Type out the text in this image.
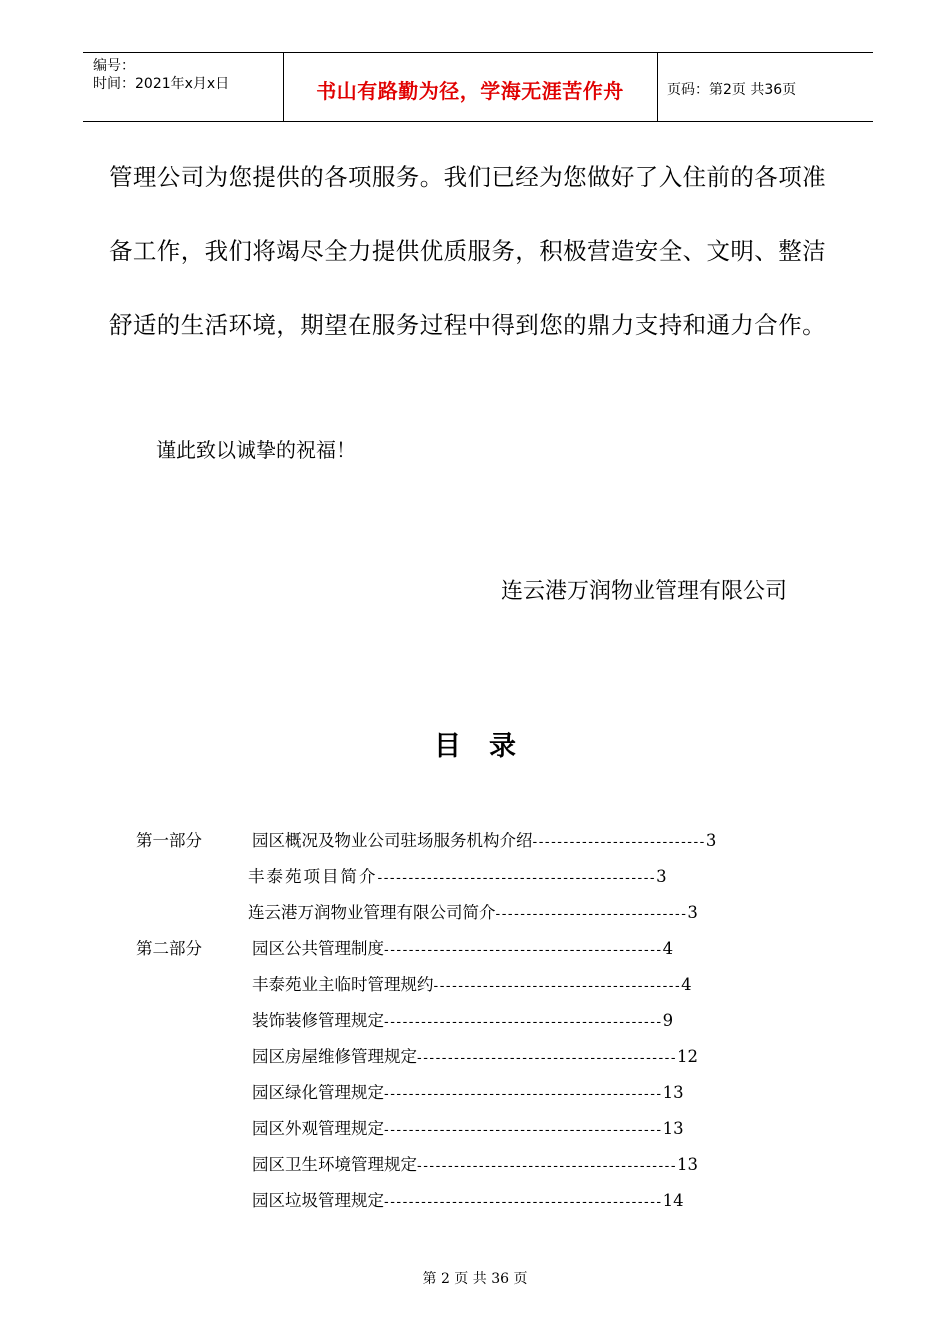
编号：
时间：2021年x月x日	书山有路勤为径，学海无涯苦作舟	页码：第2页 共36页
管理公司为您提供的各项服务。我们已经为您做好了入住前的各项准
备工作，我们将竭尽全力提供优质服务，积极营造安全、文明、整洁
舒适的生活环境，期望在服务过程中得到您的鼎力支持和通力合作。
谨此致以诚挚的祝福！
连云港万润物业管理有限公司
目 录
第一部分
第二部分
园区概况及物业公司驻场服务机构介绍----------------------------3
丰泰苑项目简介---------------------------------------------3
连云港万润物业管理有限公司简介-------------------------------3
园区公共管理制度---------------------------------------------4
丰泰苑业主临时管理规约----------------------------------------4
装饰装修管理规定---------------------------------------------9
园区房屋维修管理规定------------------------------------------12
园区绿化管理规定---------------------------------------------13
园区外观管理规定---------------------------------------------13
园区卫生环境管理规定------------------------------------------13
园区垃圾管理规定---------------------------------------------14
第 2 页 共 36 页
